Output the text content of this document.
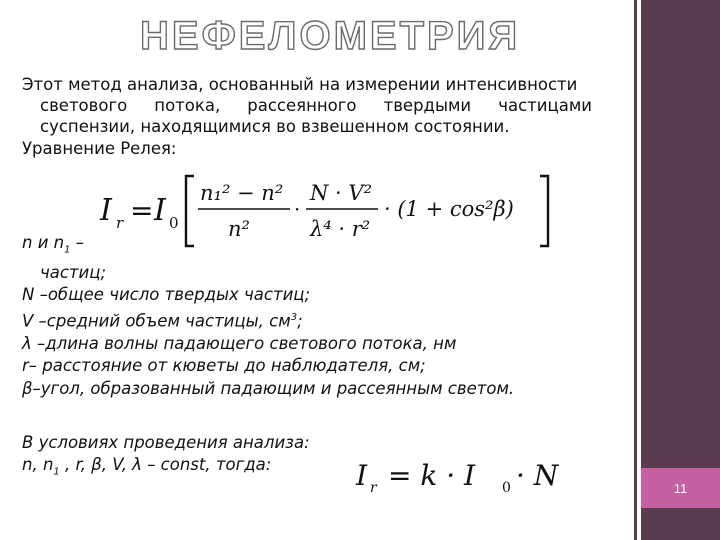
11
НЕФЕЛОМЕТРИЯ

Этот метод анализа, основанный на измерении интенсивности
светового потока, рассеянного твердыми частицами
суспензии, находящимися во взвешенном состоянии.

Уравнение Релея:

I r = I 0
n₁² − n²
n²
·
N · V²
λ⁴ · r²
· (1 + cos²β)

n и $n_1$ –

частиц;

N –общее число твердых частиц;

V –средний объем частицы, $см^3$;

λ –длина волны падающего светового потока, нм

r– расстояние от кюветы до наблюдателя, см;

β–угол, образованный падающим и рассеянным светом.

В условиях проведения анализа:

n, $n_1$ , r, β, V, λ – const, тогда:	I r = k · I 0 · N
